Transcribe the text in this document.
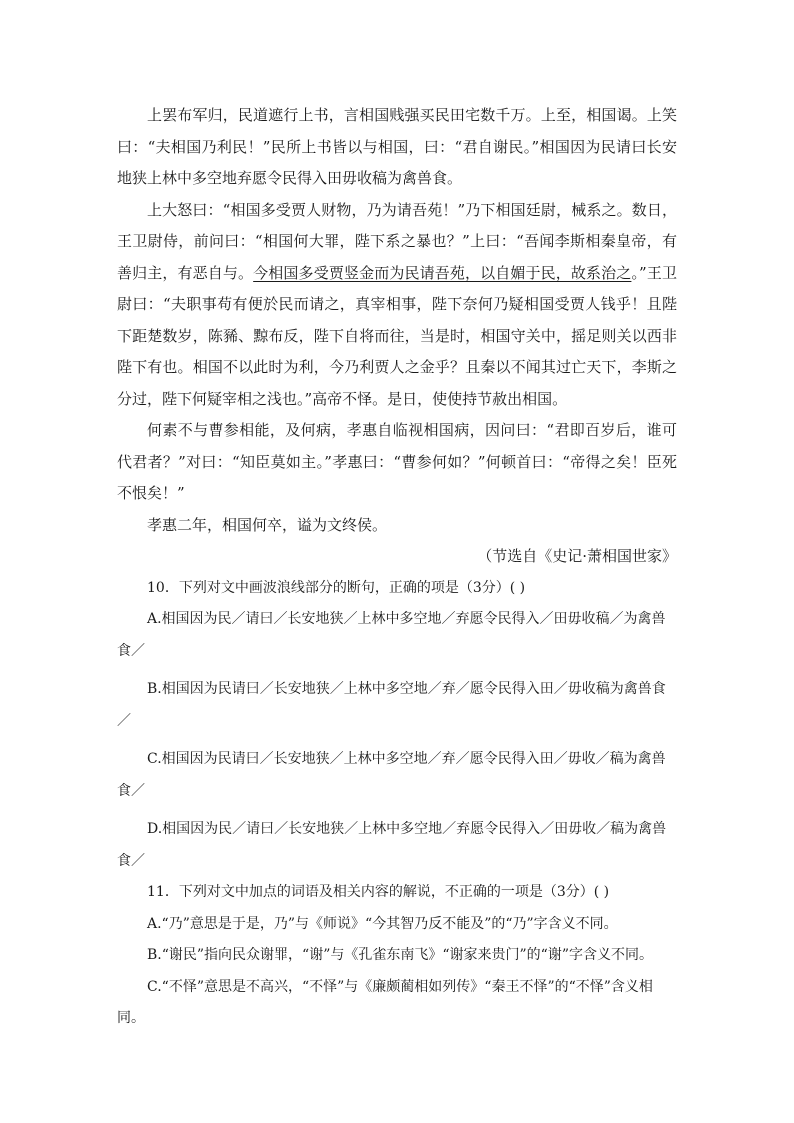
上罢布军归，民道遮行上书，言相国贱强买民田宅数千万。上至，相国谒。上笑曰：“夫相国乃利民！”民所上书皆以与相国，曰：“君自谢民。”相国因为民请曰长安地狭上林中多空地弃愿令民得入田毋收稿为禽兽食。

上大怒曰：“相国多受贾人财物，乃为请吾苑！”乃下相国廷尉，械系之。数日，王卫尉侍，前问曰：“相国何大罪，陛下系之暴也？”上曰：“吾闻李斯相秦皇帝，有善归主，有恶自与。今相国多受贾竖金而为民请吾苑，以自媚于民，故系治之。”王卫尉曰：“夫职事苟有便於民而请之，真宰相事，陛下奈何乃疑相国受贾人钱乎！且陛下距楚数岁，陈豨、黥布反，陛下自将而往，当是时，相国守关中，摇足则关以西非陛下有也。相国不以此时为利，今乃利贾人之金乎？且秦以不闻其过亡天下，李斯之分过，陛下何疑宰相之浅也。”高帝不怿。是日，使使持节赦出相国。

何素不与曹参相能，及何病，孝惠自临视相国病，因问曰：“君即百岁后，谁可代君者？”对曰：“知臣莫如主。”孝惠曰：“曹参何如？”何顿首曰：“帝得之矣！臣死不恨矣！”

孝惠二年，相国何卒，谥为文终侯。

（节选自《史记·萧相国世家》

10．下列对文中画波浪线部分的断句，正确的项是（3分）( )

A.相国因为民／请曰／长安地狭／上林中多空地／弃愿令民得入／田毋收稿／为禽兽食／

B.相国因为民请曰／长安地狭／上林中多空地／弃／愿令民得入田／毋收稿为禽兽食／

C.相国因为民请曰／长安地狭／上林中多空地／弃／愿令民得入田／毋收／稿为禽兽食／

D.相国因为民／请曰／长安地狭／上林中多空地／弃愿令民得入／田毋收／稿为禽兽食／

11．下列对文中加点的词语及相关内容的解说，不正确的一项是（3分）( )

A.“乃”意思是于是，乃”与《师说》“今其智乃反不能及”的“乃”字含义不同。

B.“谢民”指向民众谢罪，“谢”与《孔雀东南飞》“谢家来贵门”的“谢”字含义不同。

C.“不怿”意思是不高兴，“不怿”与《廉颇蔺相如列传》“秦王不怿”的“不怿”含义相同。
